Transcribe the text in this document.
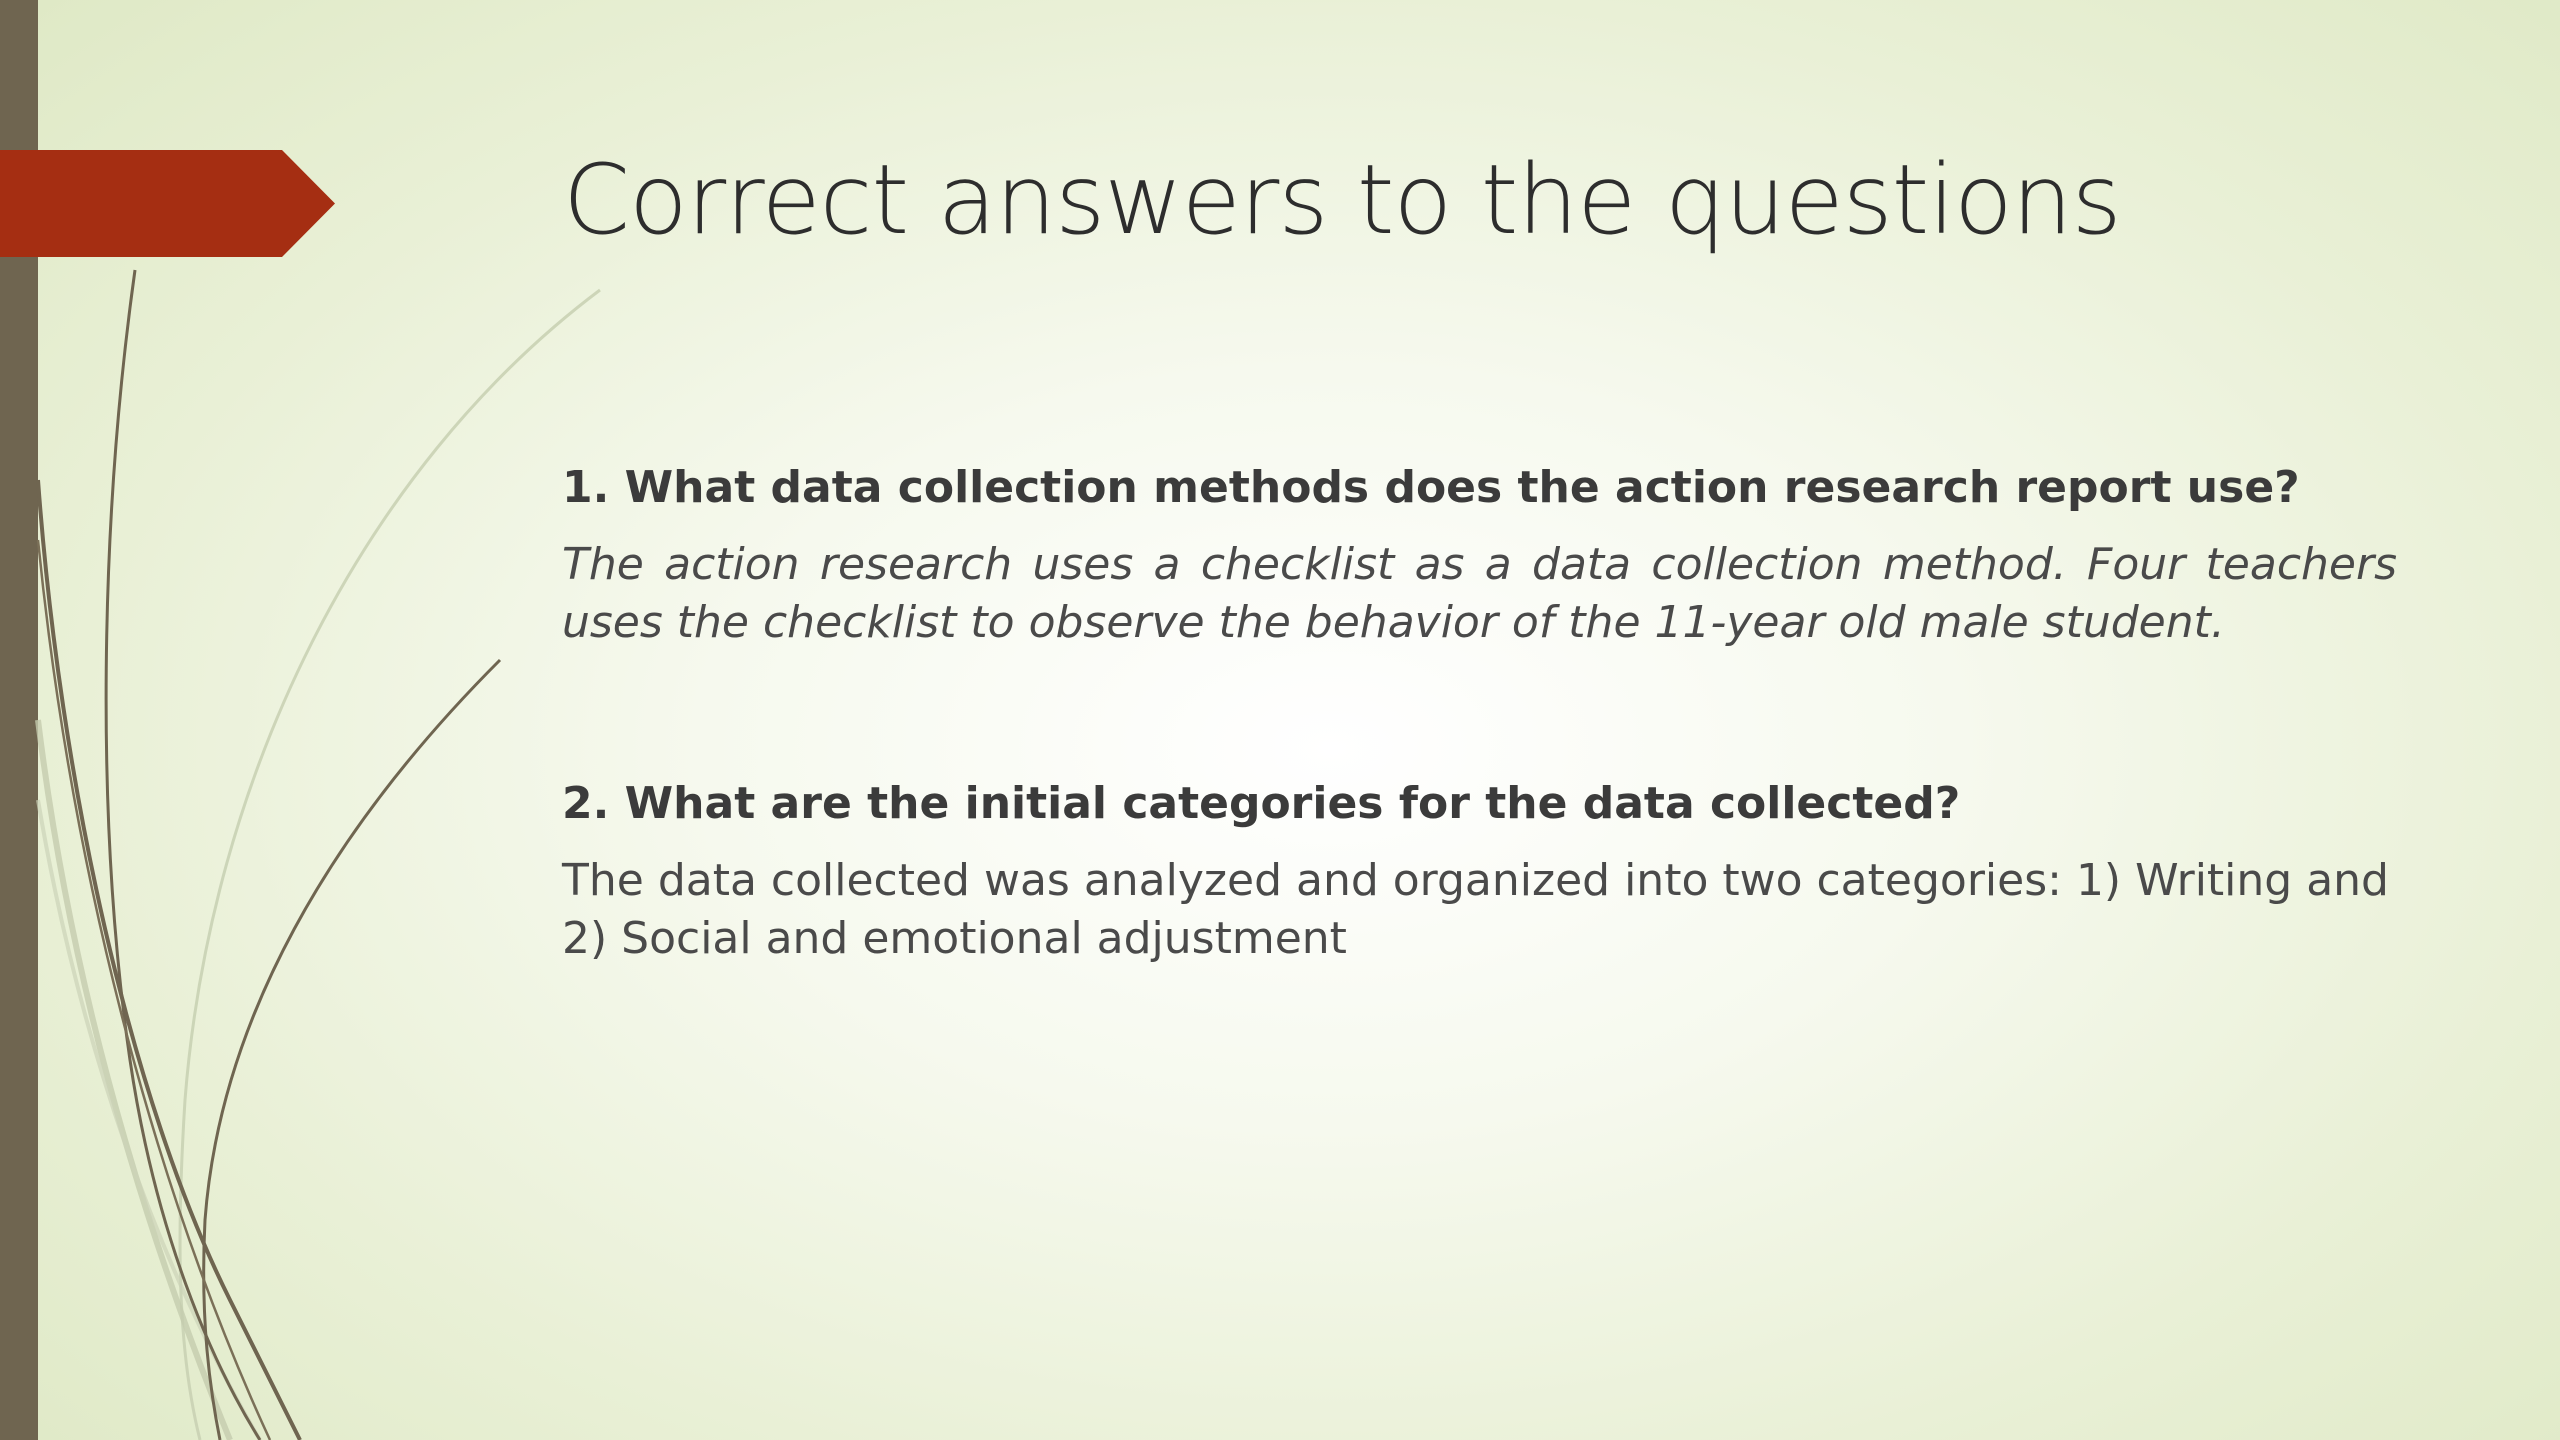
Correct answers to the questions
1. What data collection methods does the action research report use?

The action research uses a checklist as a data collection method. Four teachers uses the checklist to observe the behavior of the 11-year old male student.

2. What are the initial categories for the data collected?

The data collected was analyzed and organized into two categories: 1) Writing and 2) Social and emotional adjustment
